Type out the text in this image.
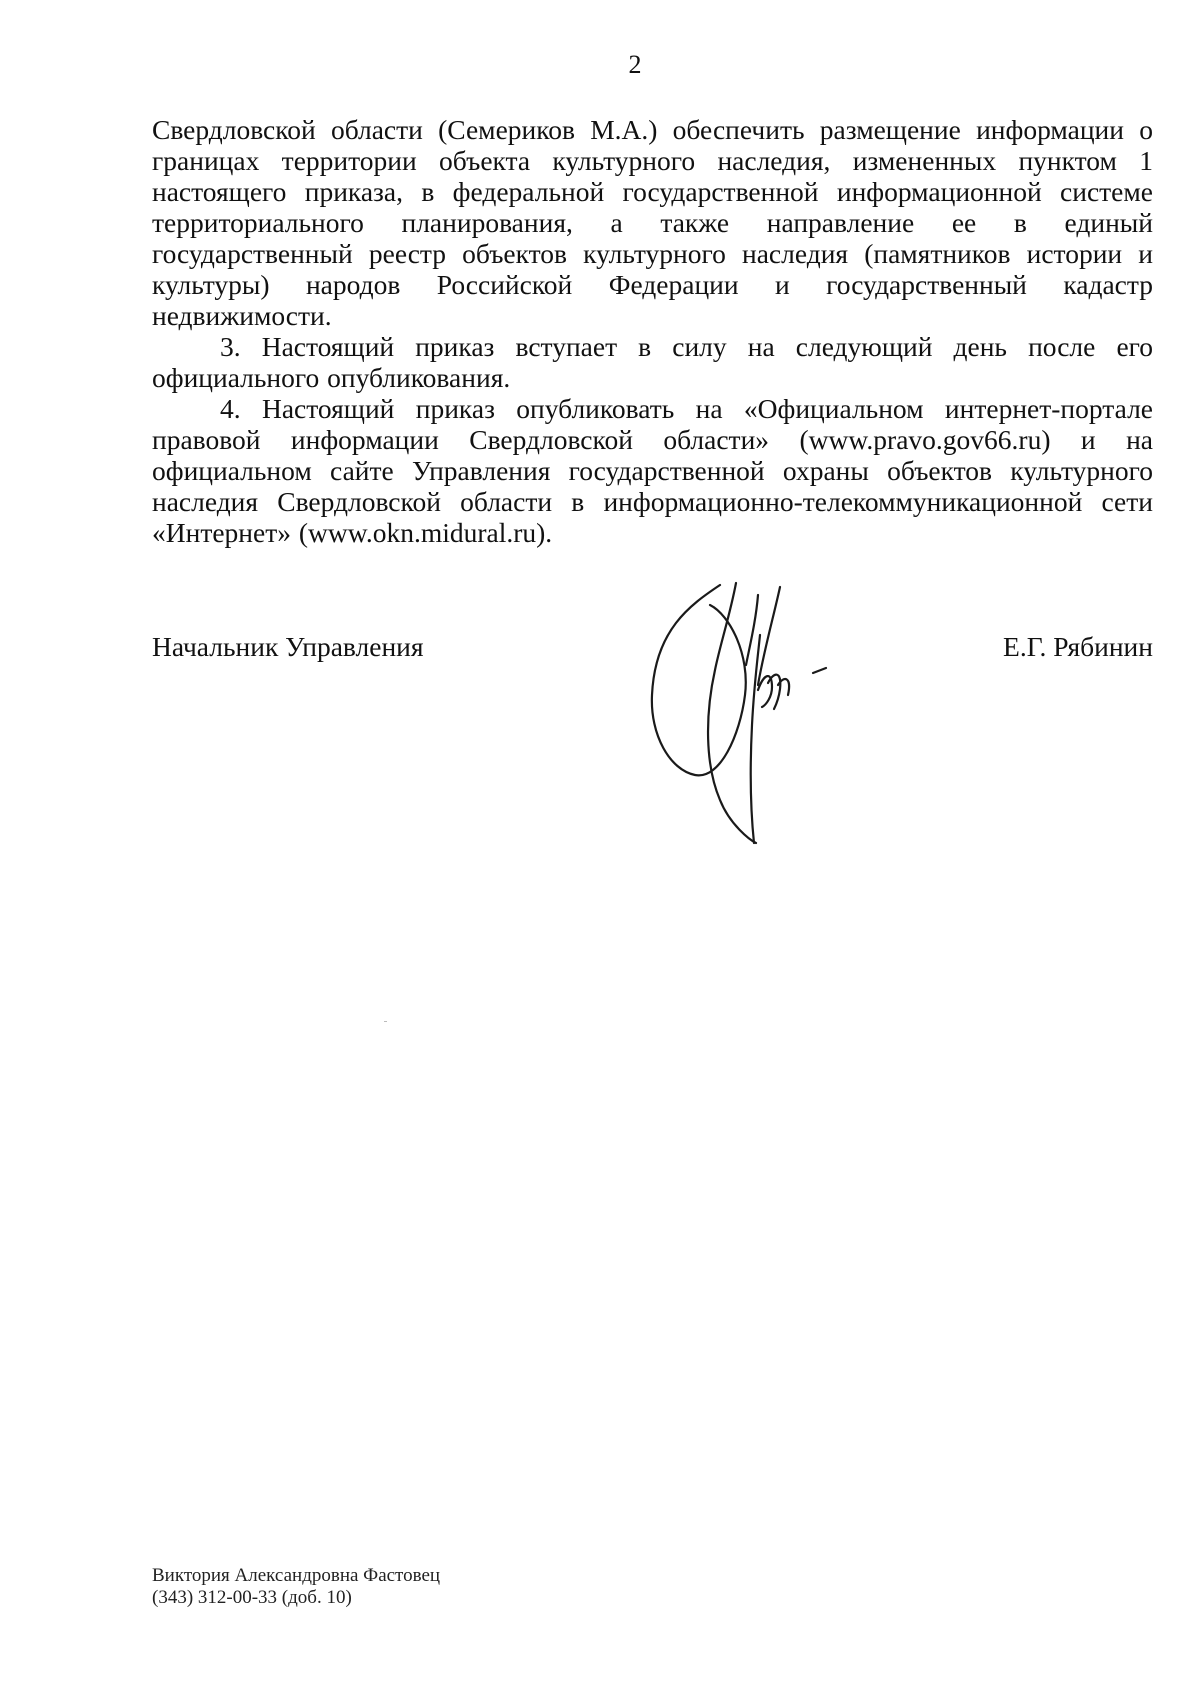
2

Свердловской области (Семериков М.А.) обеспечить размещение информации о границах территории объекта культурного наследия, измененных пунктом 1 настоящего приказа, в федеральной государственной информационной системе территориального планирования, а также направление ее в единый государственный реестр объектов культурного наследия (памятников истории и культуры) народов Российской Федерации и государственный кадастр недвижимости.

3. Настоящий приказ вступает в силу на следующий день после его официального опубликования.

4. Настоящий приказ опубликовать на «Официальном интернет-портале правовой информации Свердловской области» (www.pravo.gov66.ru) и на официальном сайте Управления государственной охраны объектов культурного наследия Свердловской области в информационно-телекоммуникационной сети «Интернет» (www.okn.midural.ru).

Начальник Управления	Е.Г. Рябинин
Виктория Александровна Фастовец
(343) 312-00-33 (доб. 10)
